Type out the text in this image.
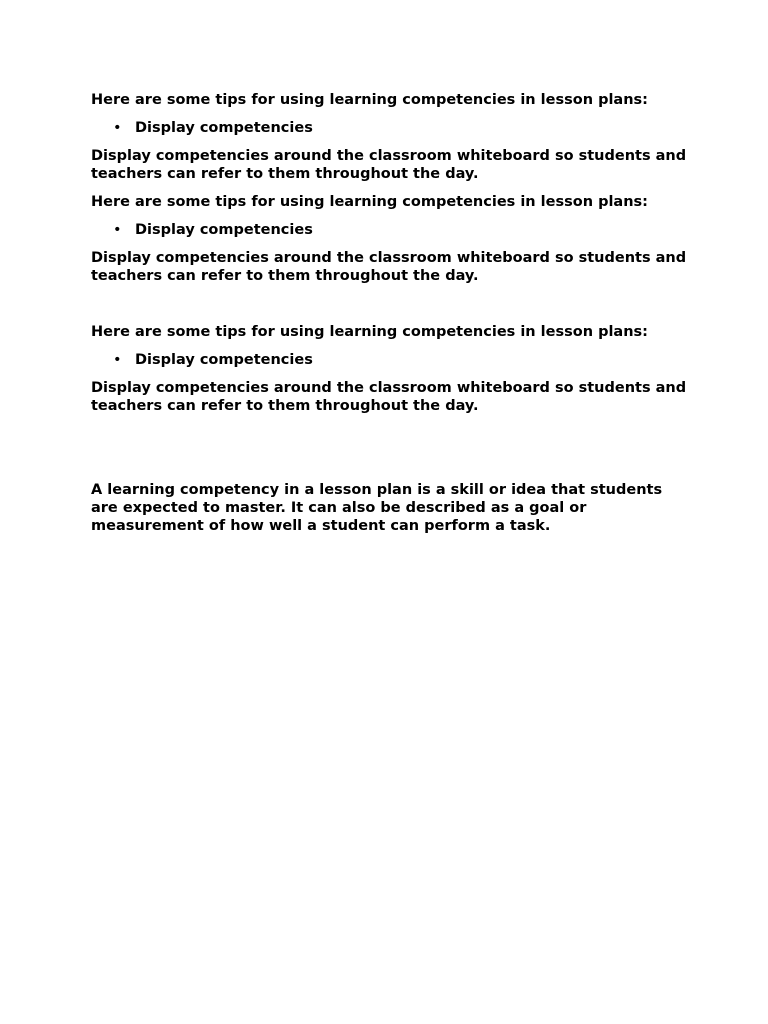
Here are some tips for using learning competencies in lesson plans:

• Display competencies

Display competencies around the classroom whiteboard so students and teachers can refer to them throughout the day.

Here are some tips for using learning competencies in lesson plans:

• Display competencies

Display competencies around the classroom whiteboard so students and teachers can refer to them throughout the day.

Here are some tips for using learning competencies in lesson plans:

• Display competencies

Display competencies around the classroom whiteboard so students and teachers can refer to them throughout the day.

A learning competency in a lesson plan is a skill or idea that students are expected to master. It can also be described as a goal or measurement of how well a student can perform a task.
